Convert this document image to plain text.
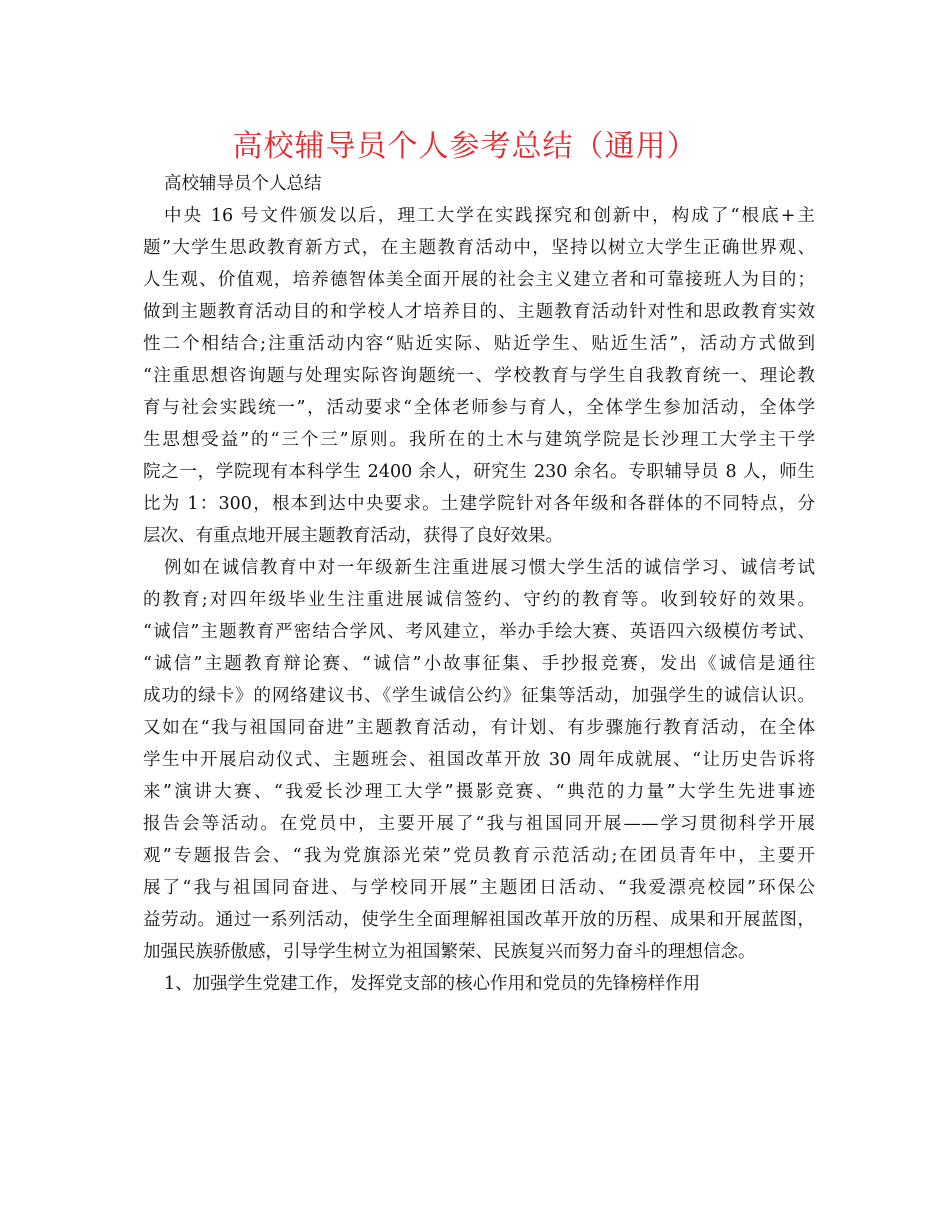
高校辅导员个人参考总结（通用）
高校辅导员个人总结
中央 16 号文件颁发以后，理工大学在实践探究和创新中，构成了“根底+主
题”大学生思政教育新方式，在主题教育活动中，坚持以树立大学生正确世界观、
人生观、价值观，培养德智体美全面开展的社会主义建立者和可靠接班人为目的；
做到主题教育活动目的和学校人才培养目的、主题教育活动针对性和思政教育实效
性二个相结合;注重活动内容“贴近实际、贴近学生、贴近生活”，活动方式做到
“注重思想咨询题与处理实际咨询题统一、学校教育与学生自我教育统一、理论教
育与社会实践统一”，活动要求“全体老师参与育人，全体学生参加活动，全体学
生思想受益”的“三个三”原则。我所在的土木与建筑学院是长沙理工大学主干学
院之一，学院现有本科学生 2400 余人，研究生 230 余名。专职辅导员 8 人，师生
比为 1：300，根本到达中央要求。土建学院针对各年级和各群体的不同特点，分
层次、有重点地开展主题教育活动，获得了良好效果。
例如在诚信教育中对一年级新生注重进展习惯大学生活的诚信学习、诚信考试
的教育;对四年级毕业生注重进展诚信签约、守约的教育等。收到较好的效果。
“诚信”主题教育严密结合学风、考风建立，举办手绘大赛、英语四六级模仿考试、
“诚信”主题教育辩论赛、“诚信”小故事征集、手抄报竞赛，发出《诚信是通往
成功的绿卡》的网络建议书、《学生诚信公约》征集等活动，加强学生的诚信认识。
又如在“我与祖国同奋进”主题教育活动，有计划、有步骤施行教育活动，在全体
学生中开展启动仪式、主题班会、祖国改革开放 30 周年成就展、“让历史告诉将
来”演讲大赛、“我爱长沙理工大学”摄影竞赛、“典范的力量”大学生先进事迹
报告会等活动。在党员中，主要开展了“我与祖国同开展——学习贯彻科学开展
观”专题报告会、“我为党旗添光荣”党员教育示范活动;在团员青年中，主要开
展了“我与祖国同奋进、与学校同开展”主题团日活动、“我爱漂亮校园”环保公
益劳动。通过一系列活动，使学生全面理解祖国改革开放的历程、成果和开展蓝图，
加强民族骄傲感，引导学生树立为祖国繁荣、民族复兴而努力奋斗的理想信念。
1、加强学生党建工作，发挥党支部的核心作用和党员的先锋榜样作用
